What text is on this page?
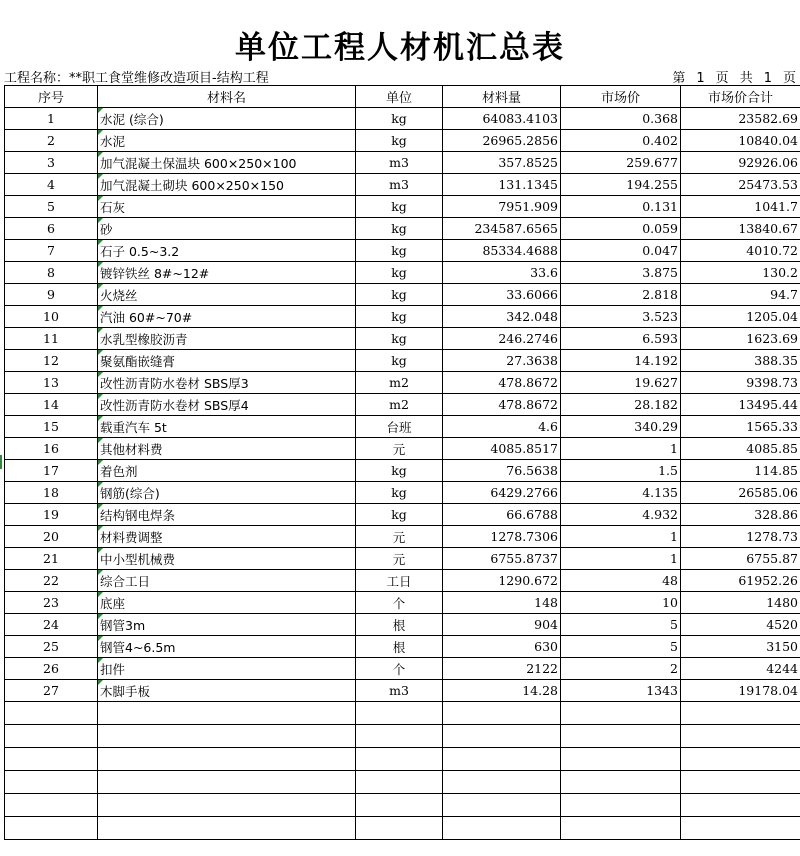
单位工程人材机汇总表
工程名称：**职工食堂维修改造项目-结构工程	第 1 页 共 1 页
序号	材料名	单位	材料量	市场价	市场价合计
1	水泥 (综合)	kg	64083.4103	0.368	23582.69
2	水泥	kg	26965.2856	0.402	10840.04
3	加气混凝土保温块 600×250×100	m3	357.8525	259.677	92926.06
4	加气混凝土砌块 600×250×150	m3	131.1345	194.255	25473.53
5	石灰	kg	7951.909	0.131	1041.7
6	砂	kg	234587.6565	0.059	13840.67
7	石子 0.5~3.2	kg	85334.4688	0.047	4010.72
8	镀锌铁丝 8#~12#	kg	33.6	3.875	130.2
9	火烧丝	kg	33.6066	2.818	94.7
10	汽油 60#~70#	kg	342.048	3.523	1205.04
11	水乳型橡胶沥青	kg	246.2746	6.593	1623.69
12	聚氨酯嵌缝膏	kg	27.3638	14.192	388.35
13	改性沥青防水卷材 SBS厚3	m2	478.8672	19.627	9398.73
14	改性沥青防水卷材 SBS厚4	m2	478.8672	28.182	13495.44
15	载重汽车 5t	台班	4.6	340.29	1565.33
16	其他材料费	元	4085.8517	1	4085.85
17	着色剂	kg	76.5638	1.5	114.85
18	钢筋(综合)	kg	6429.2766	4.135	26585.06
19	结构钢电焊条	kg	66.6788	4.932	328.86
20	材料费调整	元	1278.7306	1	1278.73
21	中小型机械费	元	6755.8737	1	6755.87
22	综合工日	工日	1290.672	48	61952.26
23	底座	个	148	10	1480
24	钢管3m	根	904	5	4520
25	钢管4~6.5m	根	630	5	3150
26	扣件	个	2122	2	4244
27	木脚手板	m3	14.28	1343	19178.04
